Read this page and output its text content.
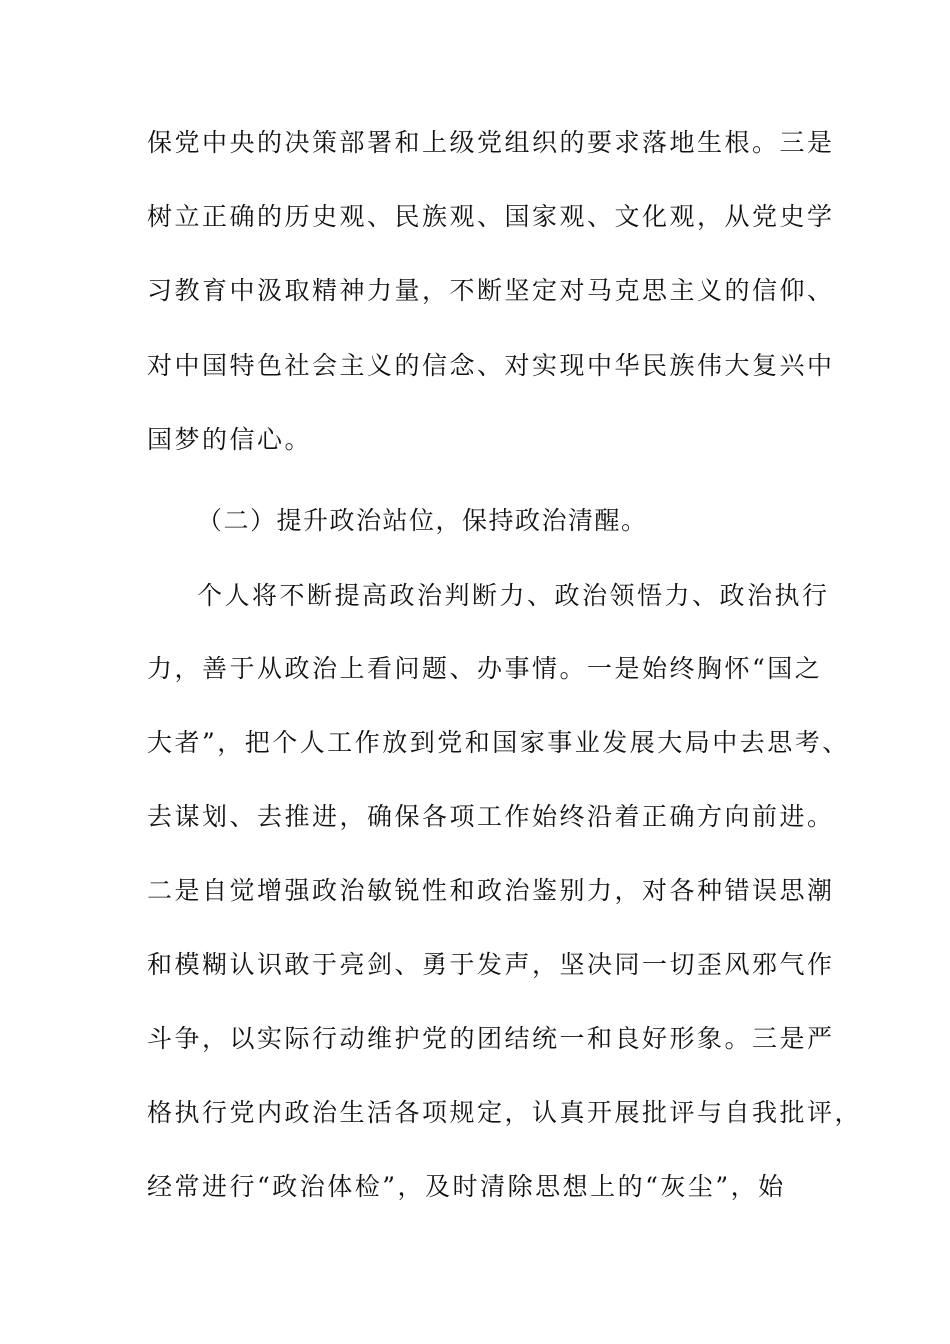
保党中央的决策部署和上级党组织的要求落地生根。三是
树立正确的历史观、民族观、国家观、文化观，从党史学
习教育中汲取精神力量，不断坚定对马克思主义的信仰、
对中国特色社会主义的信念、对实现中华民族伟大复兴中
国梦的信心。
（二）提升政治站位，保持政治清醒。
个人将不断提高政治判断力、政治领悟力、政治执行
力，善于从政治上看问题、办事情。一是始终胸怀“国之
大者”，把个人工作放到党和国家事业发展大局中去思考、
去谋划、去推进，确保各项工作始终沿着正确方向前进。
二是自觉增强政治敏锐性和政治鉴别力，对各种错误思潮
和模糊认识敢于亮剑、勇于发声，坚决同一切歪风邪气作
斗争，以实际行动维护党的团结统一和良好形象。三是严
格执行党内政治生活各项规定，认真开展批评与自我批评，
经常进行“政治体检”，及时清除思想上的“灰尘”，始
